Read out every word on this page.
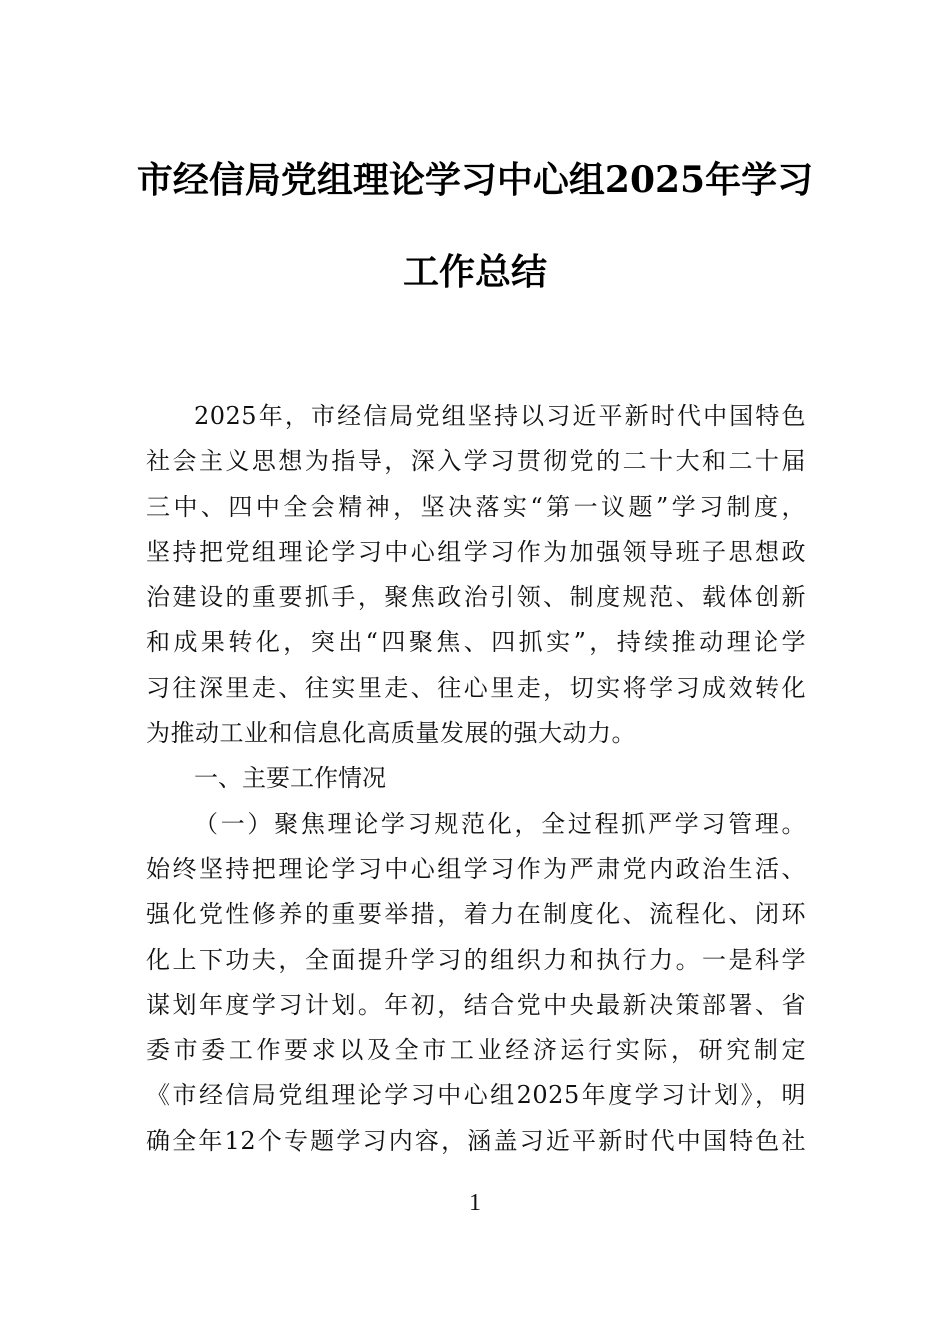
市经信局党组理论学习中心组2025年学习
工作总结
2025年，市经信局党组坚持以习近平新时代中国特色
社会主义思想为指导，深入学习贯彻党的二十大和二十届
三中、四中全会精神，坚决落实“第一议题”学习制度，
坚持把党组理论学习中心组学习作为加强领导班子思想政
治建设的重要抓手，聚焦政治引领、制度规范、载体创新
和成果转化，突出“四聚焦、四抓实”，持续推动理论学
习往深里走、往实里走、往心里走，切实将学习成效转化
为推动工业和信息化高质量发展的强大动力。
一、主要工作情况
（一）聚焦理论学习规范化，全过程抓严学习管理。
始终坚持把理论学习中心组学习作为严肃党内政治生活、
强化党性修养的重要举措，着力在制度化、流程化、闭环
化上下功夫，全面提升学习的组织力和执行力。一是科学
谋划年度学习计划。年初，结合党中央最新决策部署、省
委市委工作要求以及全市工业经济运行实际，研究制定
《市经信局党组理论学习中心组2025年度学习计划》，明
确全年12个专题学习内容，涵盖习近平新时代中国特色社
1
